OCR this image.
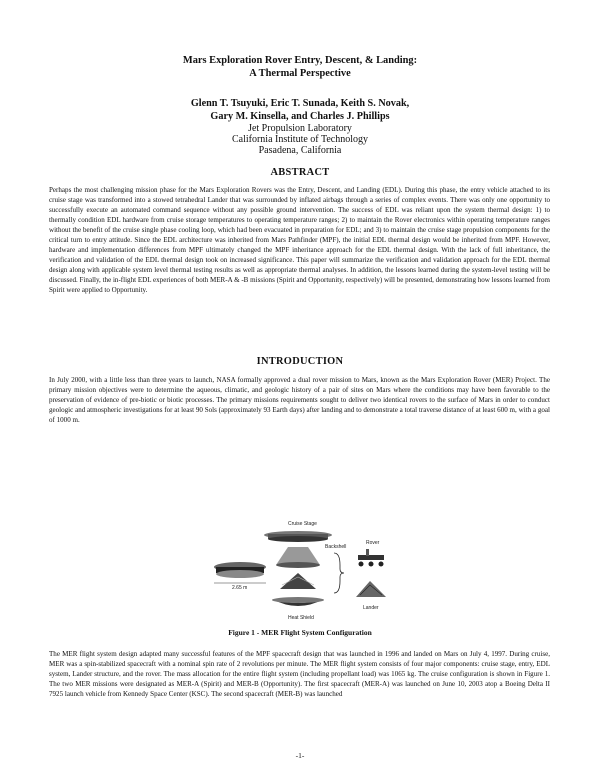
Mars Exploration Rover Entry, Descent, & Landing:
A Thermal Perspective
Glenn T. Tsuyuki, Eric T. Sunada, Keith S. Novak,
Gary M. Kinsella, and Charles J. Phillips
Jet Propulsion Laboratory
California Institute of Technology
Pasadena, California
ABSTRACT

Perhaps the most challenging mission phase for the Mars Exploration Rovers was the Entry, Descent, and Landing (EDL). During this phase, the entry vehicle attached to its cruise stage was transformed into a stowed tetrahedral Lander that was surrounded by inflated airbags through a series of complex events. There was only one opportunity to successfully execute an automated command sequence without any possible ground intervention. The success of EDL was reliant upon the system thermal design: 1) to thermally condition EDL hardware from cruise storage temperatures to operating temperature ranges; 2) to maintain the Rover electronics within operating temperature ranges without the benefit of the cruise single phase cooling loop, which had been evacuated in preparation for EDL; and 3) to maintain the cruise stage propulsion components for the critical turn to entry attitude. Since the EDL architecture was inherited from Mars Pathfinder (MPF), the initial EDL thermal design would be inherited from MPF. However, hardware and implementation differences from MPF ultimately changed the MPF inheritance approach for the EDL thermal design. With the lack of full inheritance, the verification and validation of the EDL thermal design took on increased significance. This paper will summarize the verification and validation approach for the EDL thermal design along with applicable system level thermal testing results as well as appropriate thermal analyses. In addition, the lessons learned during the system-level testing will be discussed. Finally, the in-flight EDL experiences of both MER-A & -B missions (Spirit and Opportunity, respectively) will be presented, demonstrating how lessons learned from Spirit were applied to Opportunity.

INTRODUCTION

In July 2000, with a little less than three years to launch, NASA formally approved a dual rover mission to Mars, known as the Mars Exploration Rover (MER) Project. The primary mission objectives were to determine the aqueous, climatic, and geologic history of a pair of sites on Mars where the conditions may have been favorable to the preservation of evidence of pre-biotic or biotic processes. The primary missions requirements sought to deliver two identical rovers to the surface of Mars in order to conduct geologic and atmospheric investigations for at least 90 Sols (approximately 93 Earth days) after landing and to demonstrate a total traverse distance of at least 600 m, with a goal of 1000 m.

Cruise Stage
Backshell
2.65 m
Heat Shield
Rover
Lander
Figure 1 - MER Flight System Configuration

The MER flight system design adapted many successful features of the MPF spacecraft design that was launched in 1996 and landed on Mars on July 4, 1997. During cruise, MER was a spin-stabilized spacecraft with a nominal spin rate of 2 revolutions per minute. The MER flight system consists of four major components: cruise stage, entry, EDL system, Lander structure, and the rover. The mass allocation for the entire flight system (including propellant load) was 1065 kg. The cruise configuration is shown in Figure 1. The two MER missions were designated as MER-A (Spirit) and MER-B (Opportunity). The first spacecraft (MER-A) was launched on June 10, 2003 atop a Boeing Delta II 7925 launch vehicle from Kennedy Space Center (KSC). The second spacecraft (MER-B) was launched

-1-
